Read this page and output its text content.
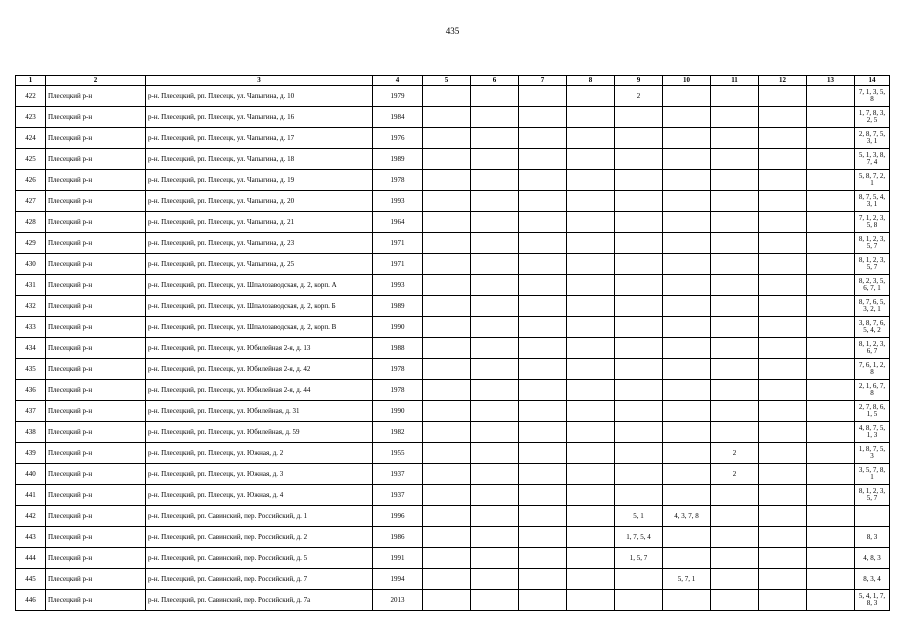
435
1	2	3	4	5	6	7	8	9	10	11	12	13	14
422	Плесецкий р-н	р-н. Плесецкий, рп. Плесецк, ул. Чапыгина, д. 10	1979					2					7, 1, 3, 5, 8
423	Плесецкий р-н	р-н. Плесецкий, рп. Плесецк, ул. Чапыгина, д. 16	1984										1, 7, 8, 3, 2, 5
424	Плесецкий р-н	р-н. Плесецкий, рп. Плесецк, ул. Чапыгина, д. 17	1976										2, 8, 7, 5, 3, 1
425	Плесецкий р-н	р-н. Плесецкий, рп. Плесецк, ул. Чапыгина, д. 18	1989										5, 1, 3, 8, 7, 4
426	Плесецкий р-н	р-н. Плесецкий, рп. Плесецк, ул. Чапыгина, д. 19	1978										5, 8, 7, 2, 1
427	Плесецкий р-н	р-н. Плесецкий, рп. Плесецк, ул. Чапыгина, д. 20	1993										8, 7, 5, 4, 3, 1
428	Плесецкий р-н	р-н. Плесецкий, рп. Плесецк, ул. Чапыгина, д. 21	1964										7, 1, 2, 3, 5, 8
429	Плесецкий р-н	р-н. Плесецкий, рп. Плесецк, ул. Чапыгина, д. 23	1971										8, 1, 2, 3, 5, 7
430	Плесецкий р-н	р-н. Плесецкий, рп. Плесецк, ул. Чапыгина, д. 25	1971										8, 1, 2, 3, 5, 7
431	Плесецкий р-н	р-н. Плесецкий, рп. Плесецк, ул. Шпалозаводская, д. 2, корп. А	1993										8, 2, 3, 5, 6, 7, 1
432	Плесецкий р-н	р-н. Плесецкий, рп. Плесецк, ул. Шпалозаводская, д. 2, корп. Б	1989										8, 7, 6, 5, 3, 2, 1
433	Плесецкий р-н	р-н. Плесецкий, рп. Плесецк, ул. Шпалозаводская, д. 2, корп. В	1990										3, 8, 7, 6, 5, 4, 2
434	Плесецкий р-н	р-н. Плесецкий, рп. Плесецк, ул. Юбилейная 2-я, д. 13	1988										8, 1, 2, 3, 6, 7
435	Плесецкий р-н	р-н. Плесецкий, рп. Плесецк, ул. Юбилейная 2-я, д. 42	1978										7, 6, 1, 2, 8
436	Плесецкий р-н	р-н. Плесецкий, рп. Плесецк, ул. Юбилейная 2-я, д. 44	1978										2, 1, 6, 7, 8
437	Плесецкий р-н	р-н. Плесецкий, рп. Плесецк, ул. Юбилейная, д. 31	1990										2, 7, 8, 6, 1, 5
438	Плесецкий р-н	р-н. Плесецкий, рп. Плесецк, ул. Юбилейная, д. 59	1982										4, 8, 7, 5, 1, 3
439	Плесецкий р-н	р-н. Плесецкий, рп. Плесецк, ул. Южная, д. 2	1955							2			1, 8, 7, 5, 3
440	Плесецкий р-н	р-н. Плесецкий, рп. Плесецк, ул. Южная, д. 3	1937							2			3, 5, 7, 8, 1
441	Плесецкий р-н	р-н. Плесецкий, рп. Плесецк, ул. Южная, д. 4	1937										8, 1, 2, 3, 5, 7
442	Плесецкий р-н	р-н. Плесецкий, рп. Савинский, пер. Российский, д. 1	1996					5, 1	4, 3, 7, 8				
443	Плесецкий р-н	р-н. Плесецкий, рп. Савинский, пер. Российский, д. 2	1986					1, 7, 5, 4					8, 3
444	Плесецкий р-н	р-н. Плесецкий, рп. Савинский, пер. Российский, д. 5	1991					1, 5, 7					4, 8, 3
445	Плесецкий р-н	р-н. Плесецкий, рп. Савинский, пер. Российский, д. 7	1994						5, 7, 1				8, 3, 4
446	Плесецкий р-н	р-н. Плесецкий, рп. Савинский, пер. Российский, д. 7а	2013										5, 4, 1, 7, 8, 3
